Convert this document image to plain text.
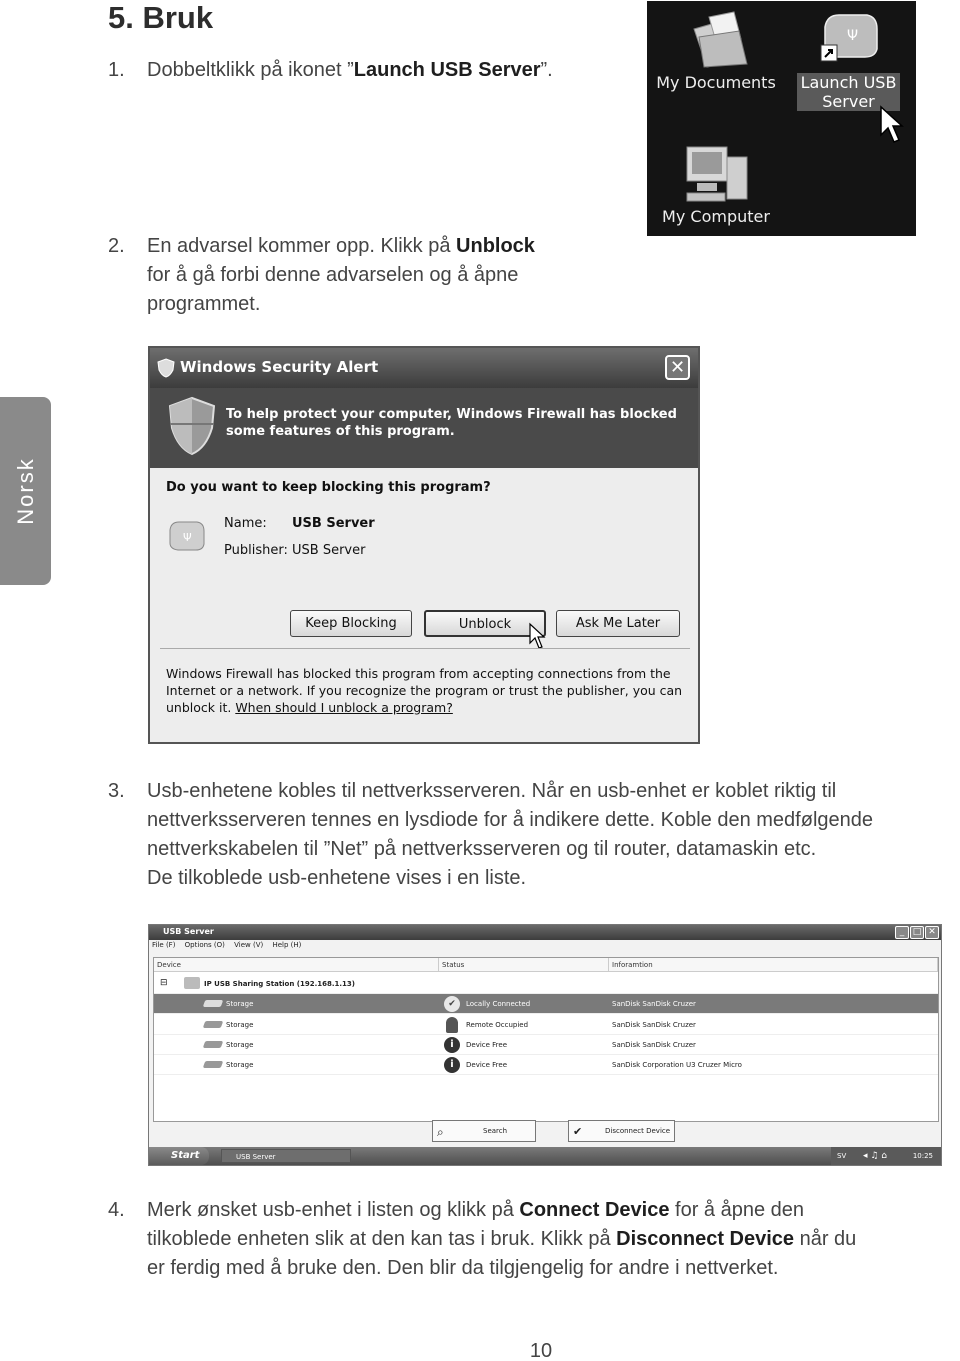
5. Bruk
Norsk
1. Dobbeltklikk på ikonet ”Launch USB Server”.
2. En advarsel kommer opp. Klikk på Unblock
for å gå forbi denne advarselen og å åpne
programmet.
My Documents
Ψ
Launch USB
Server
My Computer
Windows Security Alert	✕
To help protect your computer, Windows Firewall has blocked
some features of this program.
Do you want to keep blocking this program?
Ψ
Name: USB Server
Publisher: USB Server
Keep Blocking	Unblock	Ask Me Later
Windows Firewall has blocked this program from accepting connections from the
Internet or a network. If you recognize the program or trust the publisher, you can
unblock it. When should I unblock a program?
3. Usb-enhetene kobles til nettverksserveren. Når en usb-enhet er koblet riktig til
nettverksserveren tennes en lysdiode for å indikere dette. Koble den medfølgende
nettverkskabelen til ”Net” på nettverksserveren og til router, datamaskin etc.
De tilkoblede usb-enhetene vises i en liste.
USB Server	_ □ ✕
File (F) Options (O) View (V) Help (H)
Device	Status	Inforamtion
⊟	IP USB Sharing Station (192.168.1.13)
Storage	✔	Locally Connected	SanDisk SanDisk Cruzer
Storage	Remote Occupied	SanDisk SanDisk Cruzer
Storage	i	Device Free	SanDisk SanDisk Cruzer
Storage	i	Device Free	SanDisk Corporation U3 Cruzer Micro
⌕	Search	✔	Disconnect Device
Start	USB Server	SV ◂ ♫ ⌂	10:25
4. Merk ønsket usb-enhet i listen og klikk på Connect Device for å åpne den
tilkoblede enheten slik at den kan tas i bruk. Klikk på Disconnect Device når du
er ferdig med å bruke den. Den blir da tilgjengelig for andre i nettverket.
10
